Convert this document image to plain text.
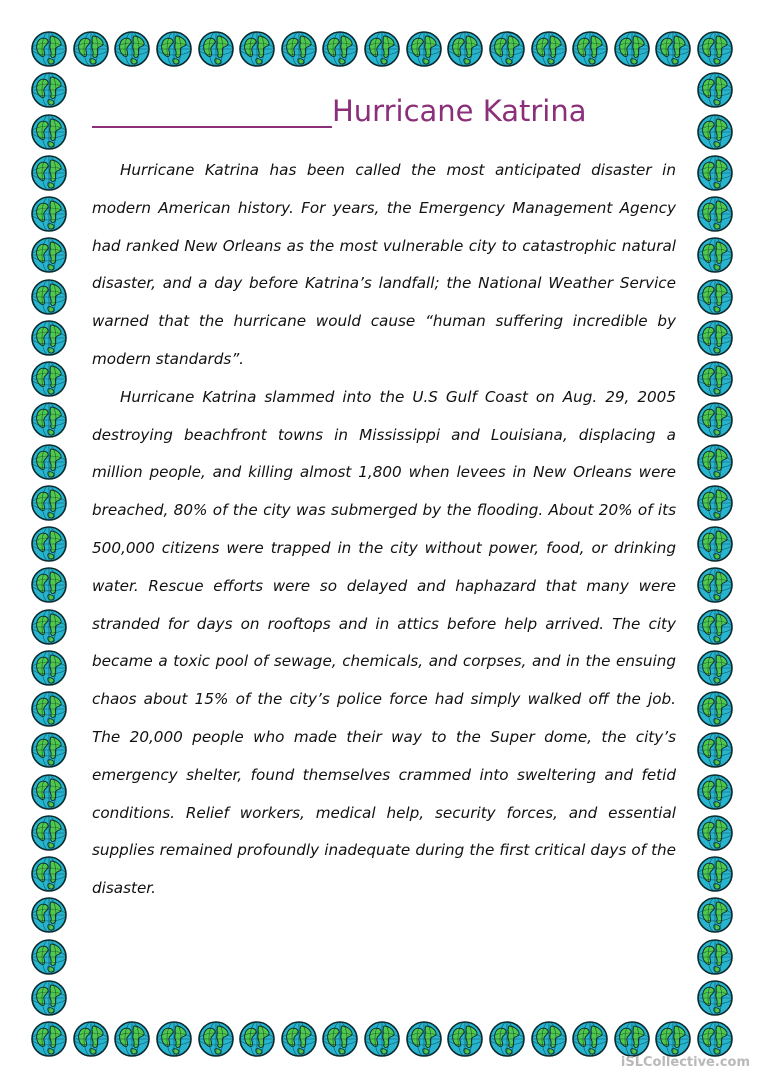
Hurricane Katrina

Hurricane Katrina has been called the most anticipated disaster in modern American history. For years, the Emergency Management Agency had ranked New Orleans as the most vulnerable city to catastrophic natural disaster, and a day before Katrina’s landfall; the National Weather Service warned that the hurricane would cause “human suffering incredible by modern standards”.

Hurricane Katrina slammed into the U.S Gulf Coast on Aug. 29, 2005 destroying beachfront towns in Mississippi and Louisiana, displacing a million people, and killing almost 1,800 when levees in New Orleans were breached, 80% of the city was submerged by the flooding. About 20% of its 500,000 citizens were trapped in the city without power, food, or drinking water. Rescue efforts were so delayed and haphazard that many were stranded for days on rooftops and in attics before help arrived. The city became a toxic pool of sewage, chemicals, and corpses, and in the ensuing chaos about 15% of the city’s police force had simply walked off the job. The 20,000 people who made their way to the Super dome, the city’s emergency shelter, found themselves crammed into sweltering and fetid conditions. Relief workers, medical help, security forces, and essential supplies remained profoundly inadequate during the first critical days of the disaster.

iSLCollective.com
